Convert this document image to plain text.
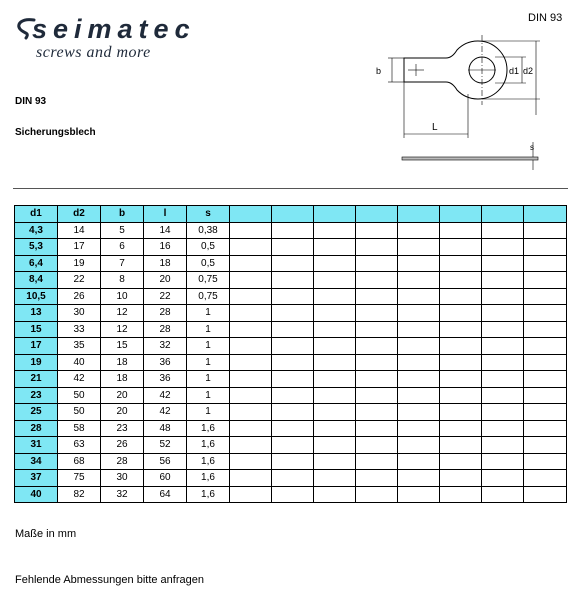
seimatec
screws and more
DIN 93
DIN 93
Sicherungsblech
b	d1 d2
L
s
d1	d2	b	l	s								
4,3	14	5	14	0,38								
5,3	17	6	16	0,5								
6,4	19	7	18	0,5								
8,4	22	8	20	0,75								
10,5	26	10	22	0,75								
13	30	12	28	1								
15	33	12	28	1								
17	35	15	32	1								
19	40	18	36	1								
21	42	18	36	1								
23	50	20	42	1								
25	50	20	42	1								
28	58	23	48	1,6								
31	63	26	52	1,6								
34	68	28	56	1,6								
37	75	30	60	1,6								
40	82	32	64	1,6								
Maße in mm
Fehlende Abmessungen bitte anfragen
